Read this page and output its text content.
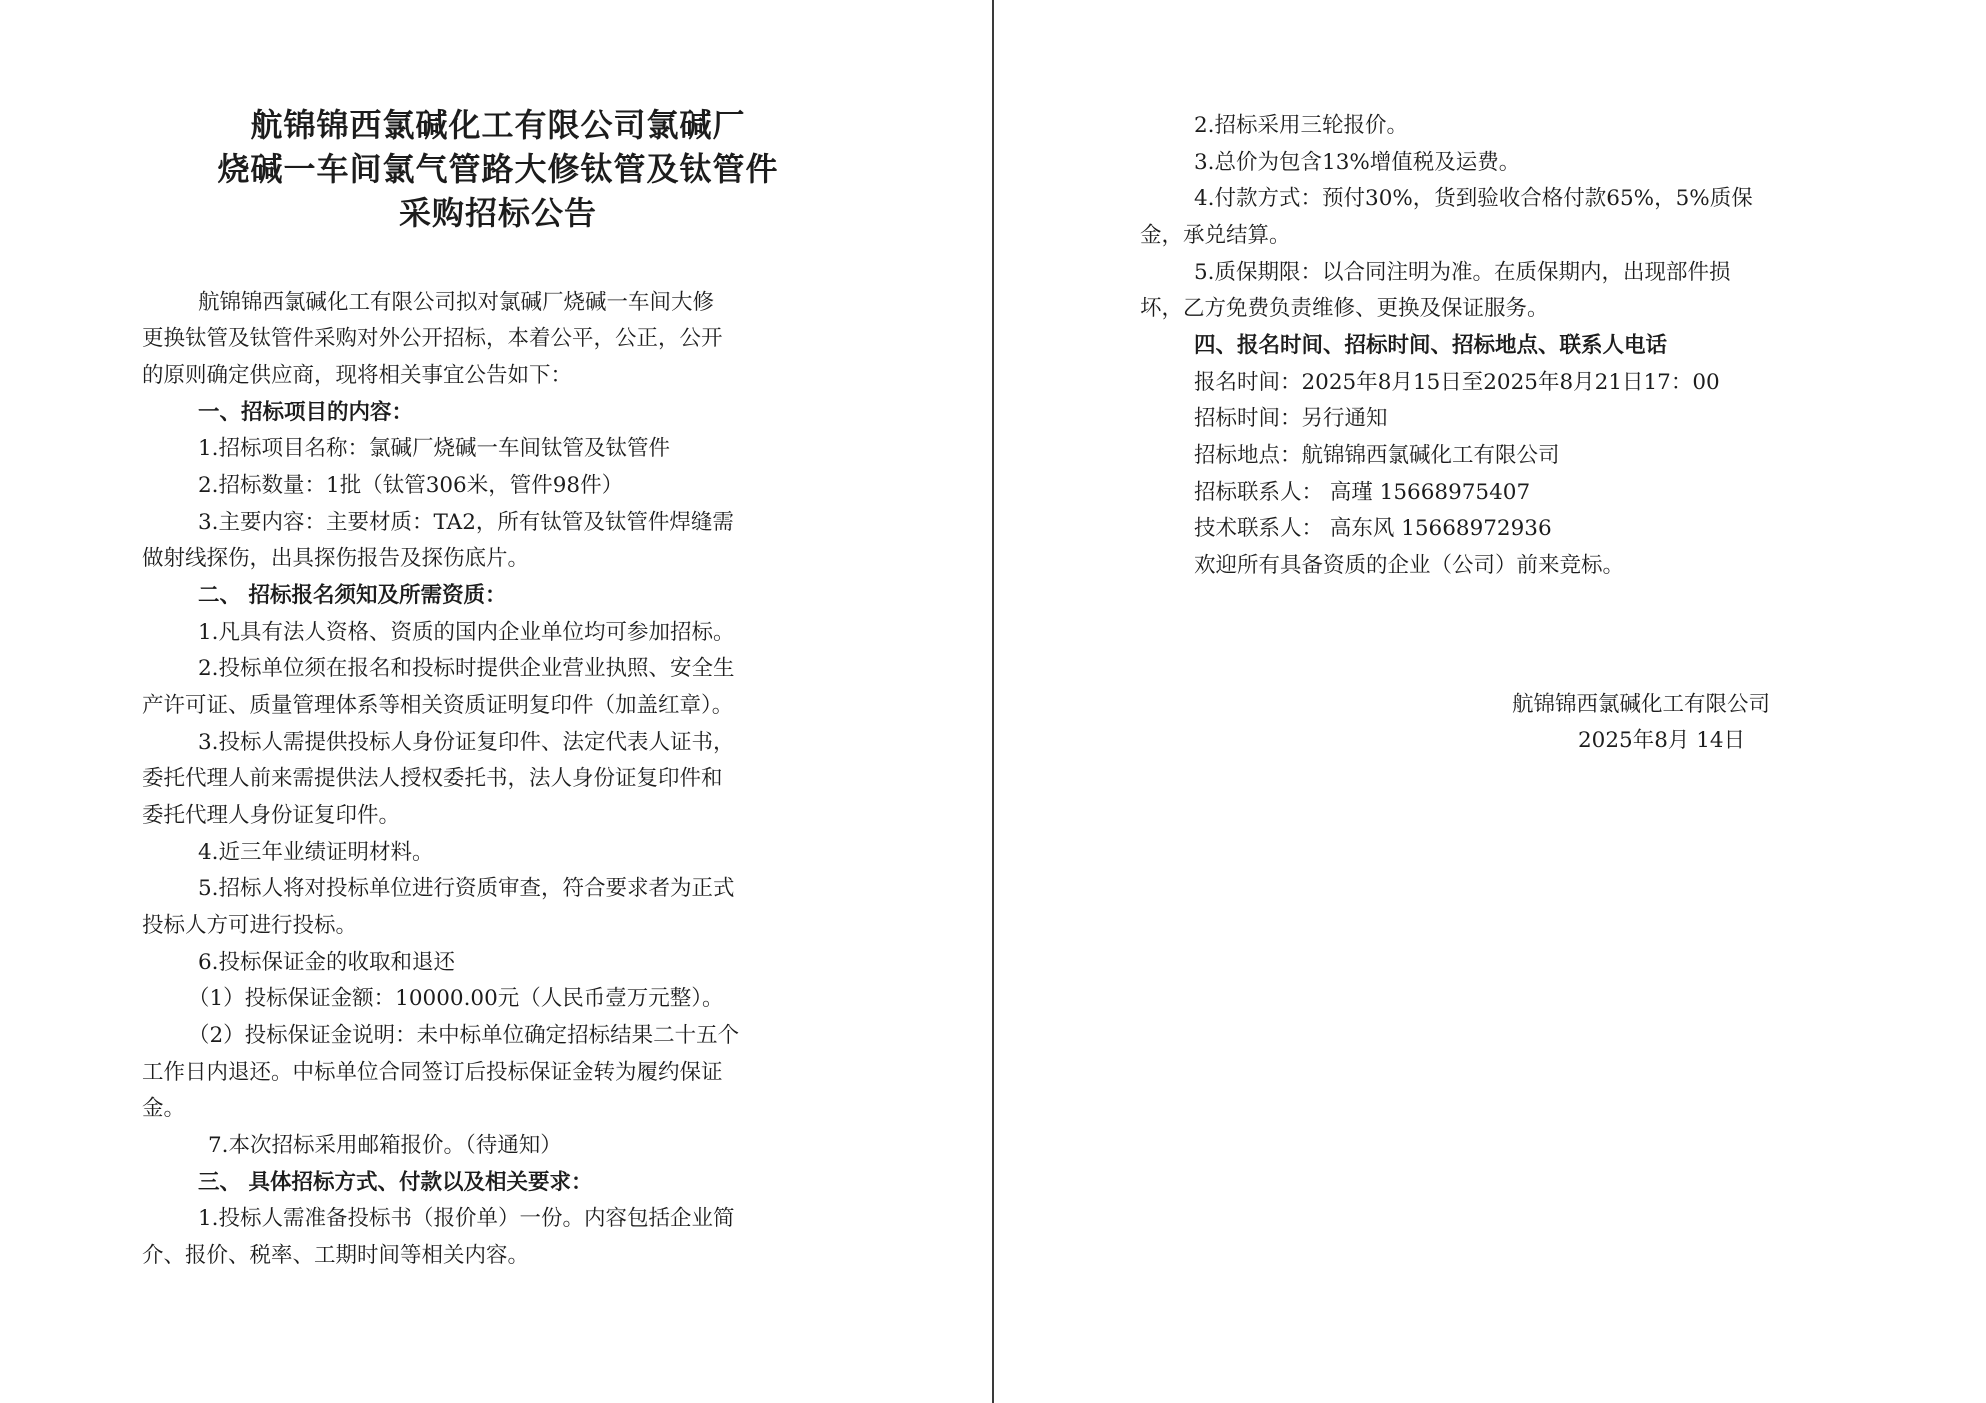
航锦锦西氯碱化工有限公司氯碱厂
烧碱一车间氯气管路大修钛管及钛管件
采购招标公告
航锦锦西氯碱化工有限公司拟对氯碱厂烧碱一车间大修
更换钛管及钛管件采购对外公开招标，本着公平，公正，公开
的原则确定供应商，现将相关事宜公告如下：
一、招标项目的内容：
1.招标项目名称：氯碱厂烧碱一车间钛管及钛管件
2.招标数量：1批（钛管306米，管件98件）
3.主要内容：主要材质：TA2，所有钛管及钛管件焊缝需
做射线探伤，出具探伤报告及探伤底片。
二、 招标报名须知及所需资质：
1.凡具有法人资格、资质的国内企业单位均可参加招标。
2.投标单位须在报名和投标时提供企业营业执照、安全生
产许可证、质量管理体系等相关资质证明复印件（加盖红章）。
3.投标人需提供投标人身份证复印件、法定代表人证书，
委托代理人前来需提供法人授权委托书，法人身份证复印件和
委托代理人身份证复印件。
4.近三年业绩证明材料。
5.招标人将对投标单位进行资质审查，符合要求者为正式
投标人方可进行投标。
6.投标保证金的收取和退还
（1）投标保证金额：10000.00元（人民币壹万元整）。
（2）投标保证金说明：未中标单位确定招标结果二十五个
工作日内退还。中标单位合同签订后投标保证金转为履约保证
金。
7.本次招标采用邮箱报价。（待通知）
三、 具体招标方式、付款以及相关要求：
1.投标人需准备投标书（报价单）一份。内容包括企业简
介、报价、税率、工期时间等相关内容。
2.招标采用三轮报价。
3.总价为包含13%增值税及运费。
4.付款方式：预付30%，货到验收合格付款65%，5%质保
金，承兑结算。
5.质保期限：以合同注明为准。在质保期内，出现部件损
坏，乙方免费负责维修、更换及保证服务。
四、报名时间、招标时间、招标地点、联系人电话
报名时间：2025年8月15日至2025年8月21日17：00
招标时间：另行通知
招标地点：航锦锦西氯碱化工有限公司
招标联系人： 高瑾 15668975407
技术联系人： 高东风 15668972936
欢迎所有具备资质的企业（公司）前来竞标。
航锦锦西氯碱化工有限公司
2025年8月 14日
